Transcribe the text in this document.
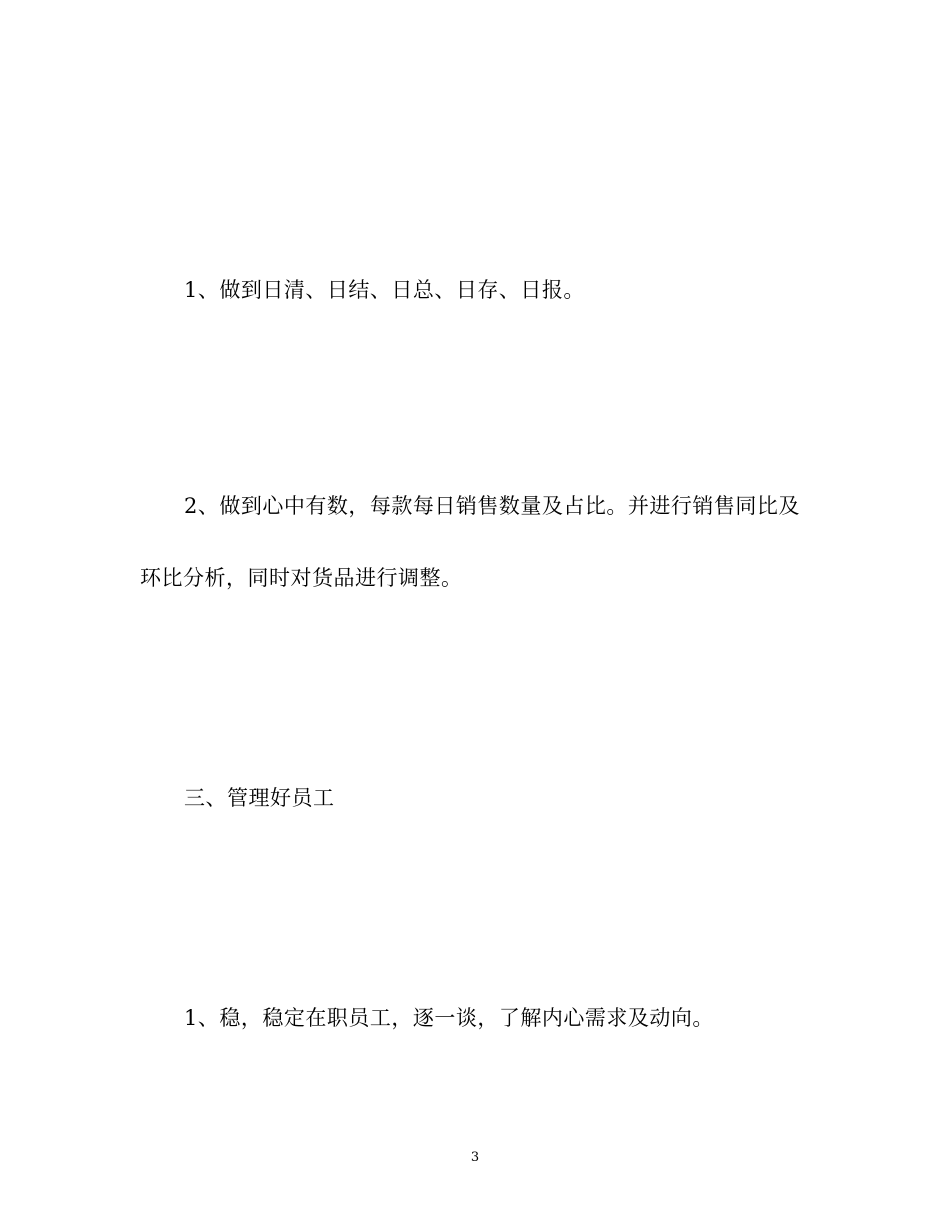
1、做到日清、日结、日总、日存、日报。

2、做到心中有数，每款每日销售数量及占比。并进行销售同比及环比分析，同时对货品进行调整。

三、管理好员工

1、稳，稳定在职员工，逐一谈，了解内心需求及动向。

3
